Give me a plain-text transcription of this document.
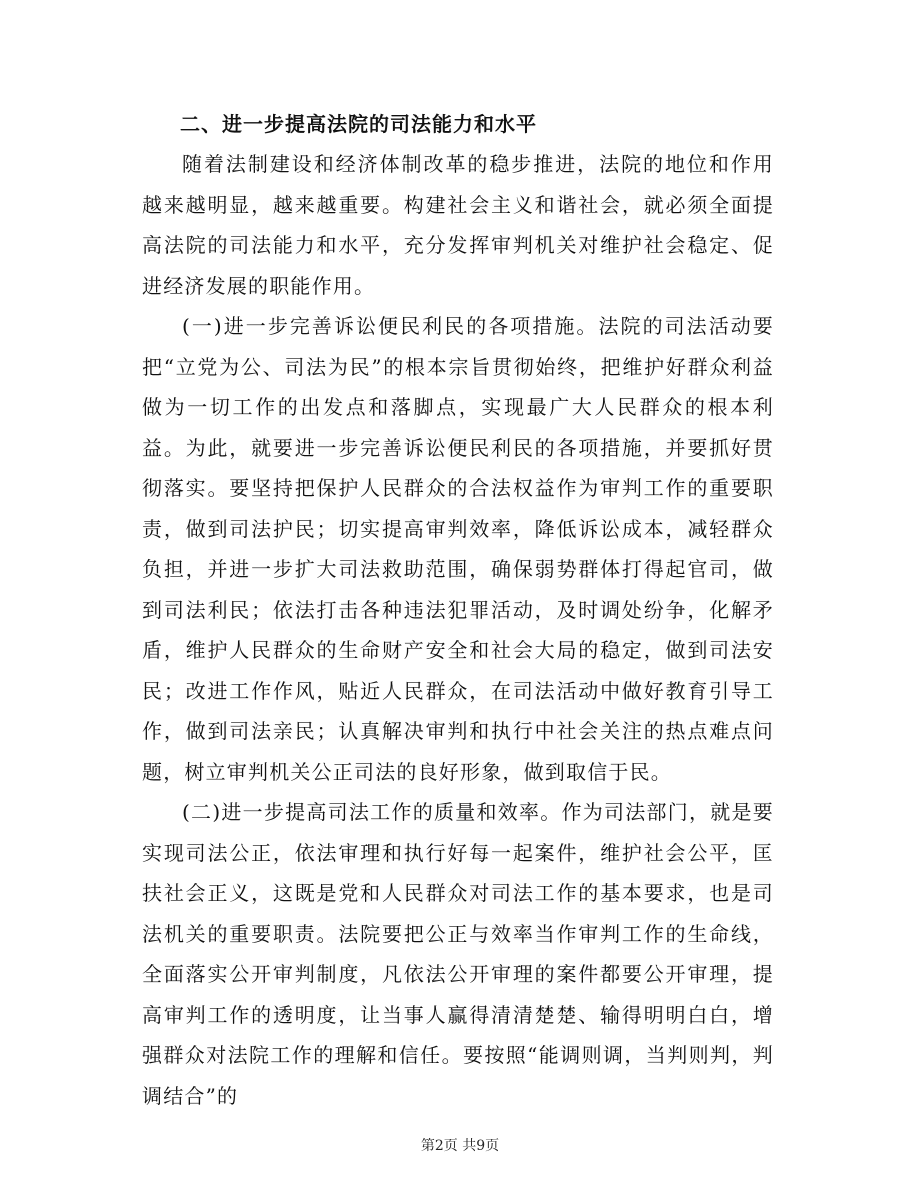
二、进一步提高法院的司法能力和水平

随着法制建设和经济体制改革的稳步推进，法院的地位和作用越来越明显，越来越重要。构建社会主义和谐社会，就必须全面提高法院的司法能力和水平，充分发挥审判机关对维护社会稳定、促进经济发展的职能作用。

(一)进一步完善诉讼便民利民的各项措施。法院的司法活动要把“立党为公、司法为民”的根本宗旨贯彻始终，把维护好群众利益做为一切工作的出发点和落脚点，实现最广大人民群众的根本利益。为此，就要进一步完善诉讼便民利民的各项措施，并要抓好贯彻落实。要坚持把保护人民群众的合法权益作为审判工作的重要职责，做到司法护民；切实提高审判效率，降低诉讼成本，减轻群众负担，并进一步扩大司法救助范围，确保弱势群体打得起官司，做到司法利民；依法打击各种违法犯罪活动，及时调处纷争，化解矛盾，维护人民群众的生命财产安全和社会大局的稳定，做到司法安民；改进工作作风，贴近人民群众，在司法活动中做好教育引导工作，做到司法亲民；认真解决审判和执行中社会关注的热点难点问题，树立审判机关公正司法的良好形象，做到取信于民。

(二)进一步提高司法工作的质量和效率。作为司法部门，就是要实现司法公正，依法审理和执行好每一起案件，维护社会公平，匡扶社会正义，这既是党和人民群众对司法工作的基本要求，也是司法机关的重要职责。法院要把公正与效率当作审判工作的生命线，全面落实公开审判制度，凡依法公开审理的案件都要公开审理，提高审判工作的透明度，让当事人赢得清清楚楚、输得明明白白，增强群众对法院工作的理解和信任。要按照“能调则调，当判则判，判调结合”的

第2页 共9页
